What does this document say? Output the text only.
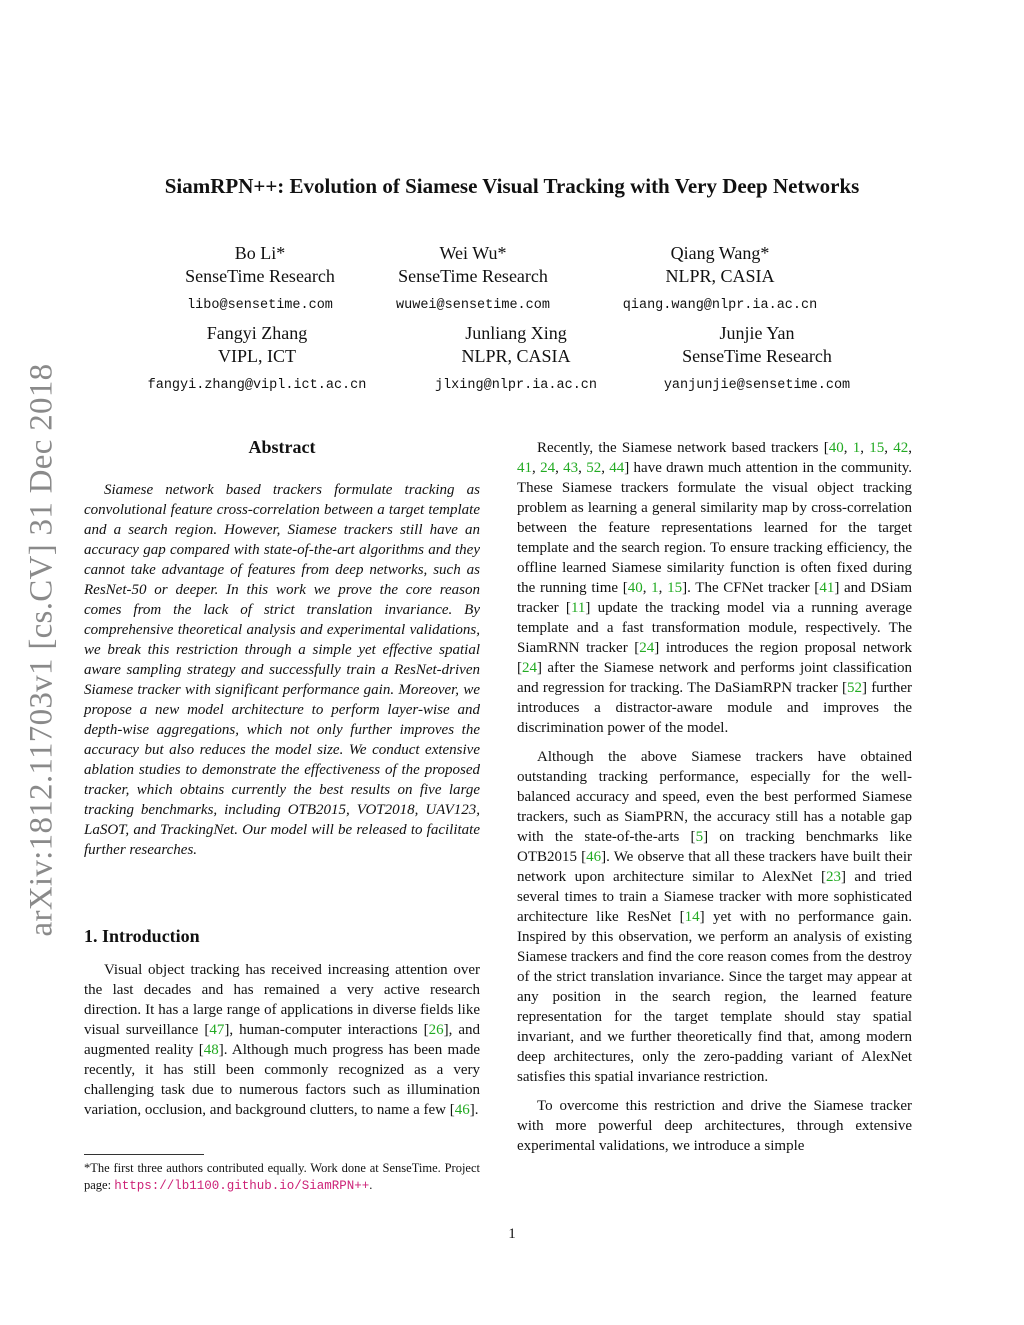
arXiv:1812.11703v1 [cs.CV] 31 Dec 2018
SiamRPN++: Evolution of Siamese Visual Tracking with Very Deep Networks
Bo Li*
SenseTime Research
libo@sensetime.com
Wei Wu*
SenseTime Research
wuwei@sensetime.com
Qiang Wang*
NLPR, CASIA
qiang.wang@nlpr.ia.ac.cn
Fangyi Zhang
VIPL, ICT
fangyi.zhang@vipl.ict.ac.cn
Junliang Xing
NLPR, CASIA
jlxing@nlpr.ia.ac.cn
Junjie Yan
SenseTime Research
yanjunjie@sensetime.com
Abstract

Siamese network based trackers formulate tracking as convolutional feature cross-correlation between a target template and a search region. However, Siamese trackers still have an accuracy gap compared with state-of-the-art algorithms and they cannot take advantage of features from deep networks, such as ResNet-50 or deeper. In this work we prove the core reason comes from the lack of strict translation invariance. By comprehensive theoretical analysis and experimental validations, we break this restriction through a simple yet effective spatial aware sampling strategy and successfully train a ResNet-driven Siamese tracker with significant performance gain. Moreover, we propose a new model architecture to perform layer-wise and depth-wise aggregations, which not only further improves the accuracy but also reduces the model size. We conduct extensive ablation studies to demonstrate the effectiveness of the proposed tracker, which obtains currently the best results on five large tracking benchmarks, including OTB2015, VOT2018, UAV123, LaSOT, and TrackingNet. Our model will be released to facilitate further researches.

1. Introduction

Visual object tracking has received increasing attention over the last decades and has remained a very active research direction. It has a large range of applications in diverse fields like visual surveillance [47], human-computer interactions [26], and augmented reality [48]. Although much progress has been made recently, it has still been commonly recognized as a very challenging task due to numerous factors such as illumination variation, occlusion, and background clutters, to name a few [46].

Recently, the Siamese network based trackers [40, 1, 15, 42, 41, 24, 43, 52, 44] have drawn much attention in the community. These Siamese trackers formulate the visual object tracking problem as learning a general similarity map by cross-correlation between the feature representations learned for the target template and the search region. To ensure tracking efficiency, the offline learned Siamese similarity function is often fixed during the running time [40, 1, 15]. The CFNet tracker [41] and DSiam tracker [11] update the tracking model via a running average template and a fast transformation module, respectively. The SiamRNN tracker [24] introduces the region proposal network [24] after the Siamese network and performs joint classification and regression for tracking. The DaSiamRPN tracker [52] further introduces a distractor-aware module and improves the discrimination power of the model.

Although the above Siamese trackers have obtained outstanding tracking performance, especially for the well-balanced accuracy and speed, even the best performed Siamese trackers, such as SiamPRN, the accuracy still has a notable gap with the state-of-the-arts [5] on tracking benchmarks like OTB2015 [46]. We observe that all these trackers have built their network upon architecture similar to AlexNet [23] and tried several times to train a Siamese tracker with more sophisticated architecture like ResNet [14] yet with no performance gain. Inspired by this observation, we perform an analysis of existing Siamese trackers and find the core reason comes from the destroy of the strict translation invariance. Since the target may appear at any position in the search region, the learned feature representation for the target template should stay spatial invariant, and we further theoretically find that, among modern deep architectures, only the zero-padding variant of AlexNet satisfies this spatial invariance restriction.

To overcome this restriction and drive the Siamese tracker with more powerful deep architectures, through extensive experimental validations, we introduce a simple

*The first three authors contributed equally. Work done at SenseTime. Project page: https://lb1100.github.io/SiamRPN++.
1
